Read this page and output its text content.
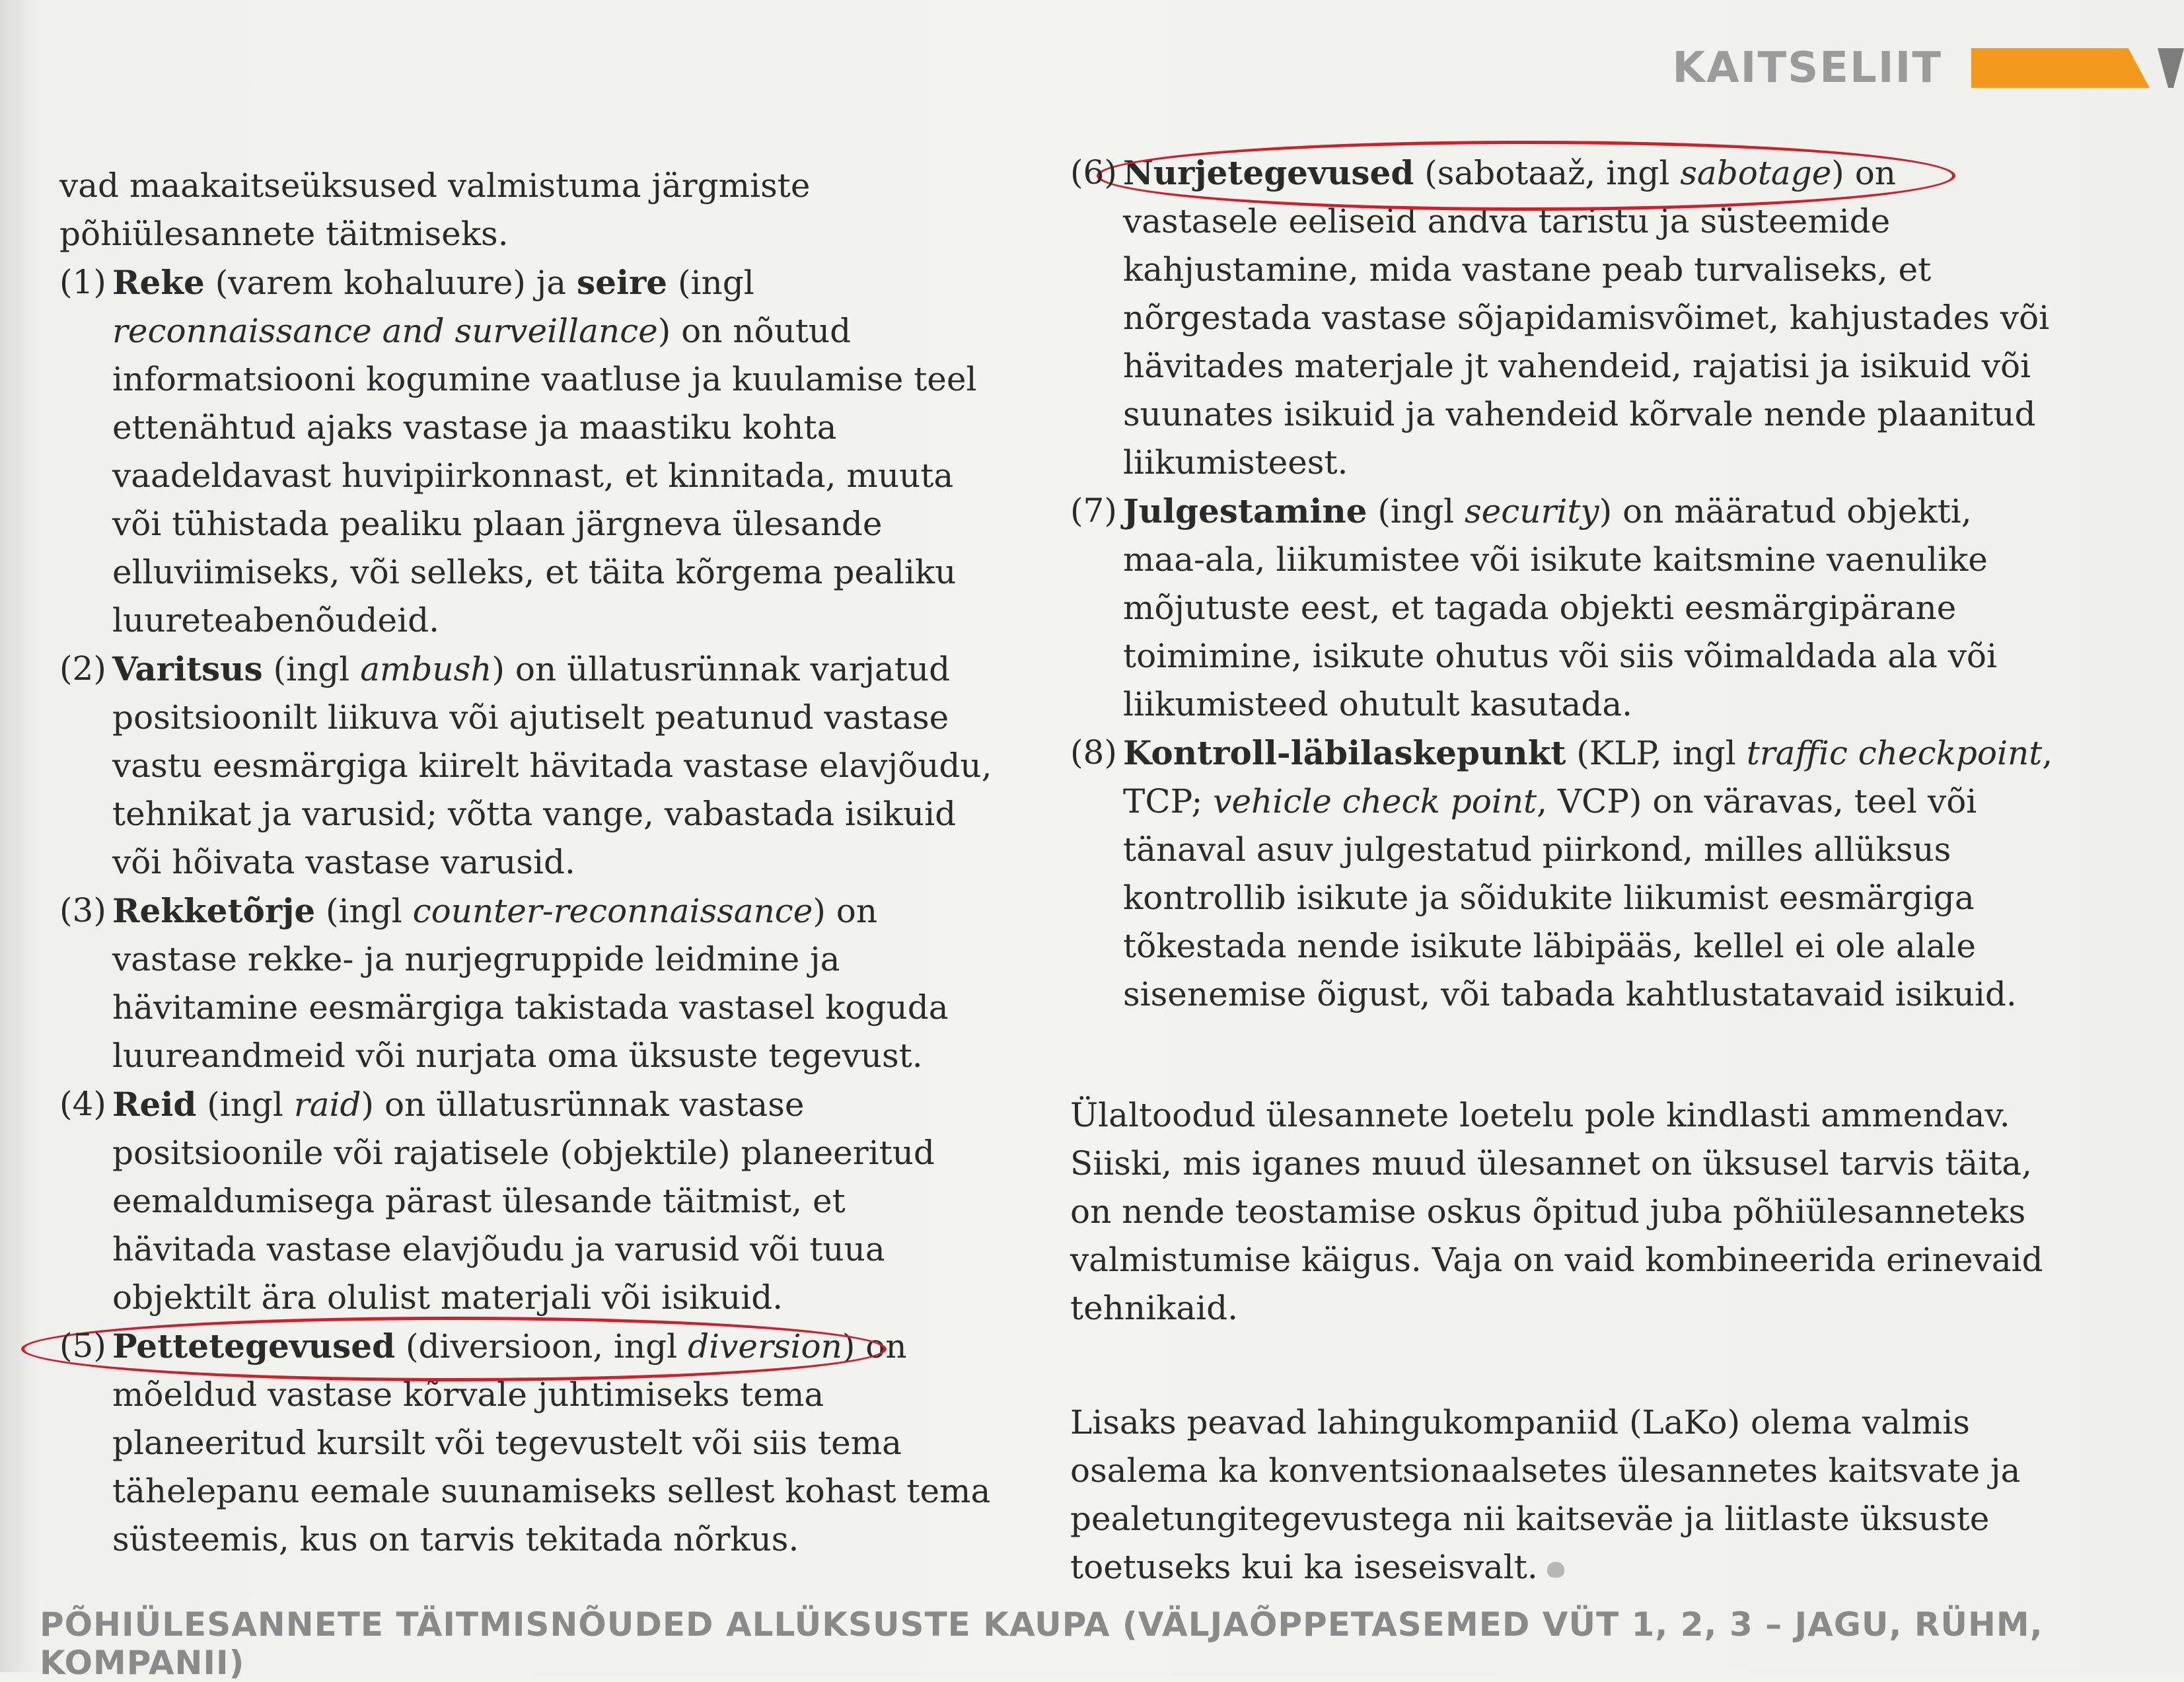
KAITSELIIT

vad maakaitseüksused valmistuma järgmiste põhiülesannete täitmiseks.

(1) Reke (varem kohaluure) ja seire (ingl reconnaissance and surveillance) on nõutud informatsiooni kogumine vaatluse ja kuulamise teel ettenähtud ajaks vastase ja maastiku kohta vaadeldavast huvipiirkonnast, et kinnitada, muuta või tühistada pealiku plaan järgneva ülesande elluviimiseks, või selleks, et täita kõrgema pealiku luureteabenõudeid.

(2) Varitsus (ingl ambush) on üllatusrünnak varjatud positsioonilt liikuva või ajutiselt peatunud vastase vastu eesmärgiga kiirelt hävitada vastase elavjõudu, tehnikat ja varusid; võtta vange, vabastada isikuid või hõivata vastase varusid.

(3) Rekketõrje (ingl counter-reconnaissance) on vastase rekke- ja nurjegruppide leidmine ja hävitamine eesmärgiga takistada vastasel koguda luureandmeid või nurjata oma üksuste tegevust.

(4) Reid (ingl raid) on üllatusrünnak vastase positsioonile või rajatisele (objektile) planeeritud eemaldumisega pärast ülesande täitmist, et hävitada vastase elavjõudu ja varusid või tuua objektilt ära olulist materjali või isikuid.

(5) Pettetegevused (diversioon, ingl diversion) on mõeldud vastase kõrvale juhtimiseks tema planeeritud kursilt või tegevustelt või siis tema tähelepanu eemale suunamiseks sellest kohast tema süsteemis, kus on tarvis tekitada nõrkus.

(6) Nurjetegevused (sabotaaž, ingl sabotage) on vastasele eeliseid andva taristu ja süsteemide kahjustamine, mida vastane peab turvaliseks, et nõrgestada vastase sõjapidamisvõimet, kahjustades või hävitades materjale jt vahendeid, rajatisi ja isikuid või suunates isikuid ja vahendeid kõrvale nende plaanitud liikumisteest.

(7) Julgestamine (ingl security) on määratud objekti, maa-ala, liikumistee või isikute kaitsmine vaenulike mõjutuste eest, et tagada objekti eesmärgipärane toimimine, isikute ohutus või siis võimaldada ala või liikumisteed ohutult kasutada.

(8) Kontroll-läbilaskepunkt (KLP, ingl traffic checkpoint, TCP; vehicle check point, VCP) on väravas, teel või tänaval asuv julgestatud piirkond, milles allüksus kontrollib isikute ja sõidukite liikumist eesmärgiga tõkestada nende isikute läbipääs, kellel ei ole alale sisenemise õigust, või tabada kahtlustatavaid isikuid.

Ülaltoodud ülesannete loetelu pole kindlasti ammendav. Siiski, mis iganes muud ülesannet on üksusel tarvis täita, on nende teostamise oskus õpitud juba põhiülesanneteks valmistumise käigus. Vaja on vaid kombineerida erinevaid tehnikaid.

Lisaks peavad lahingukompaniid (LaKo) olema valmis osalema ka konventsionaalsetes ülesannetes kaitsvate ja pealetungitegevustega nii kaitseväe ja liitlaste üksuste toetuseks kui ka iseseisvalt.

PÕHIÜLESANNETE TÄITMISNÕUDED ALLÜKSUSTE KAUPA (VÄLJAÕPPETASEMED VÜT 1, 2, 3 – JAGU, RÜHM, KOMPANII)
